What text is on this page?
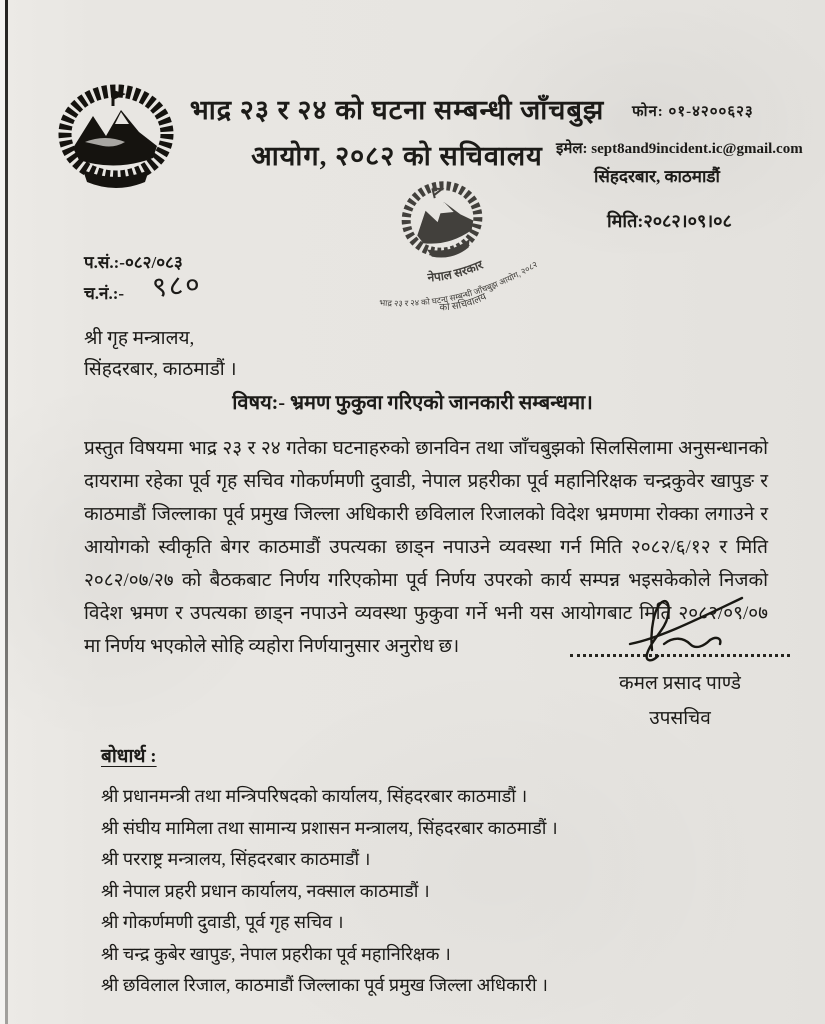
भाद्र २३ र २४ को घटना सम्बन्धी जाँचबुझ
आयोग, २०८२ को सचिवालय
फोन: ०१-४२००६२३
इमेल: sept8and9incident.ic@gmail.com
सिंहदरबार, काठमाडौं
नेपाल सरकार
भाद्र २३ र २४ को घटना सम्बन्धी जाँचबुझ आयोग, २०८२
को सचिवालय
मिति:२०८२।०९।०८
प.सं.:-०८२/०८३
च.नं.:- ९८०
श्री गृह मन्त्रालय,
सिंहदरबार, काठमाडौं ।
विषय:- भ्रमण फुकुवा गरिएको जानकारी सम्बन्धमा।
प्रस्तुत विषयमा भाद्र २३ र २४ गतेका घटनाहरुको छानविन तथा जाँचबुझको सिलसिलामा अनुसन्धानको
दायरामा रहेका पूर्व गृह सचिव गोकर्णमणी दुवाडी, नेपाल प्रहरीका पूर्व महानिरिक्षक चन्द्रकुवेर खापुङ र
काठमाडौं जिल्लाका पूर्व प्रमुख जिल्ला अधिकारी छविलाल रिजालको विदेश भ्रमणमा रोक्का लगाउने र
आयोगको स्वीकृति बेगर काठमाडौं उपत्यका छाड्न नपाउने व्यवस्था गर्न मिति २०८२/६/१२ र मिति
२०८२/०७/२७ को बैठकबाट निर्णय गरिएकोमा पूर्व निर्णय उपरको कार्य सम्पन्न भइसकेकोले निजको
विदेश भ्रमण र उपत्यका छाड्न नपाउने व्यवस्था फुकुवा गर्ने भनी यस आयोगबाट मिति २०८२/०९/०७
मा निर्णय भएकोले सोहि व्यहोरा निर्णयानुसार अनुरोध छ।
कमल प्रसाद पाण्डे
उपसचिव
बोधार्थ :
श्री प्रधानमन्त्री तथा मन्त्रिपरिषदको कार्यालय, सिंहदरबार काठमाडौं ।
श्री संघीय मामिला तथा सामान्य प्रशासन मन्त्रालय, सिंहदरबार काठमाडौं ।
श्री परराष्ट्र मन्त्रालय, सिंहदरबार काठमाडौं ।
श्री नेपाल प्रहरी प्रधान कार्यालय, नक्साल काठमाडौं ।
श्री गोकर्णमणी दुवाडी, पूर्व गृह सचिव ।
श्री चन्द्र कुबेर खापुङ, नेपाल प्रहरीका पूर्व महानिरिक्षक ।
श्री छविलाल रिजाल, काठमाडौं जिल्लाका पूर्व प्रमुख जिल्ला अधिकारी ।
